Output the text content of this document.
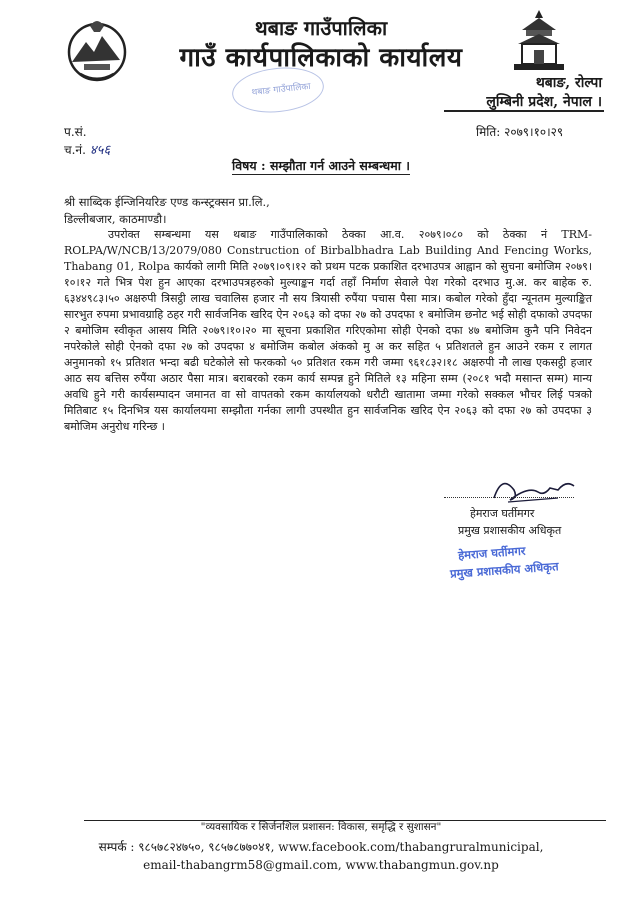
थबाङ गाउँपालिका
गाउँ कार्यपालिकाको कार्यालय
थबाङ गाउँपालिका	थबाङ, रोल्पा
लुम्बिनी प्रदेश, नेपाल ।
प.सं.
च.नं. ४५६
मिति: २०७९।१०।२९
विषय : सम्झौता गर्न आउने सम्बन्धमा ।
श्री साब्दिक ईन्जिनियरिङ एण्ड कन्स्ट्रक्सन प्रा.लि.,
डिल्लीबजार, काठमाण्डौ।

उपरोक्त सम्बन्धमा यस थबाङ गाउँपालिकाको ठेक्का आ.व. २०७९।०८० को ठेक्का नं TRM-ROLPA/W/NCB/13/2079/080 Construction of Birbalbhadra Lab Building And Fencing Works, Thabang 01, Rolpa कार्यको लागी मिति २०७९।०९।१२ को प्रथम पटक प्रकाशित दरभाउपत्र आह्वान को सुचना बमोजिम २०७९।१०।१२ गते भित्र पेश हुन आएका दरभाउपत्रहरुको मुल्याङ्कन गर्दा तहाँ निर्माण सेवाले पेश गरेको दरभाउ मु.अ. कर बाहेक रु. ६३४४९८३।५० अक्षरुपी त्रिसट्ठी लाख चवालिस हजार नौ सय त्रियासी रुपैंया पचास पैसा मात्र। कबोल गरेको हुँदा न्यूनतम मुल्याङ्कित सारभुत रुपमा प्रभावग्राहि ठहर गरी सार्वजनिक खरिद ऐन २०६३ को दफा २७ को उपदफा १ बमोजिम छनोट भई सोही दफाको उपदफा २ बमोजिम स्वीकृत आसय मिति २०७९।१०।२० मा सूचना प्रकाशित गरिएकोमा सोही ऐनको दफा ४७ बमोजिम कुनै पनि निवेदन नपरेकोले सोही ऐनको दफा २७ को उपदफा ४ बमोजिम कबोल अंकको मु अ कर सहित ५ प्रतिशतले हुन आउने रकम र लागत अनुमानको १५ प्रतिशत भन्दा बढी घटेकोले सो फरकको ५० प्रतिशत रकम गरी जम्मा ९६१८३२।१८ अक्षरुपी नौ लाख एकसट्ठी हजार आठ सय बत्तिस रुपैंया अठार पैसा मात्र। बराबरको रकम कार्य सम्पन्न हुने मितिले १३ महिना सम्म (२०८१ भदौ मसान्त सम्म) मान्य अवधि हुने गरी कार्यसम्पादन जमानत वा सो वापतको रकम कार्यालयको धरौटी खातामा जम्मा गरेको सक्कल भौचर लिई पत्रको मितिबाट १५ दिनभित्र यस कार्यालयमा सम्झौता गर्नका लागी उपस्थीत हुन सार्वजनिक खरिद ऐन २०६३ को दफा २७ को उपदफा ३ बमोजिम अनुरोध गरिन्छ ।

हेमराज घर्तीमगर
प्रमुख प्रशासकीय अधिकृत
हेमराज घर्तीमगर
प्रमुख प्रशासकीय अधिकृत
"व्यवसायिक र सिर्जनशिल प्रशासन: विकास, समृद्धि र सुशासन"
सम्पर्क : ९८५७८२४७५०, ९८५७८७७०४१, www.facebook.com/thabangruralmunicipal,
email-thabangrm58@gmail.com, www.thabangmun.gov.np
